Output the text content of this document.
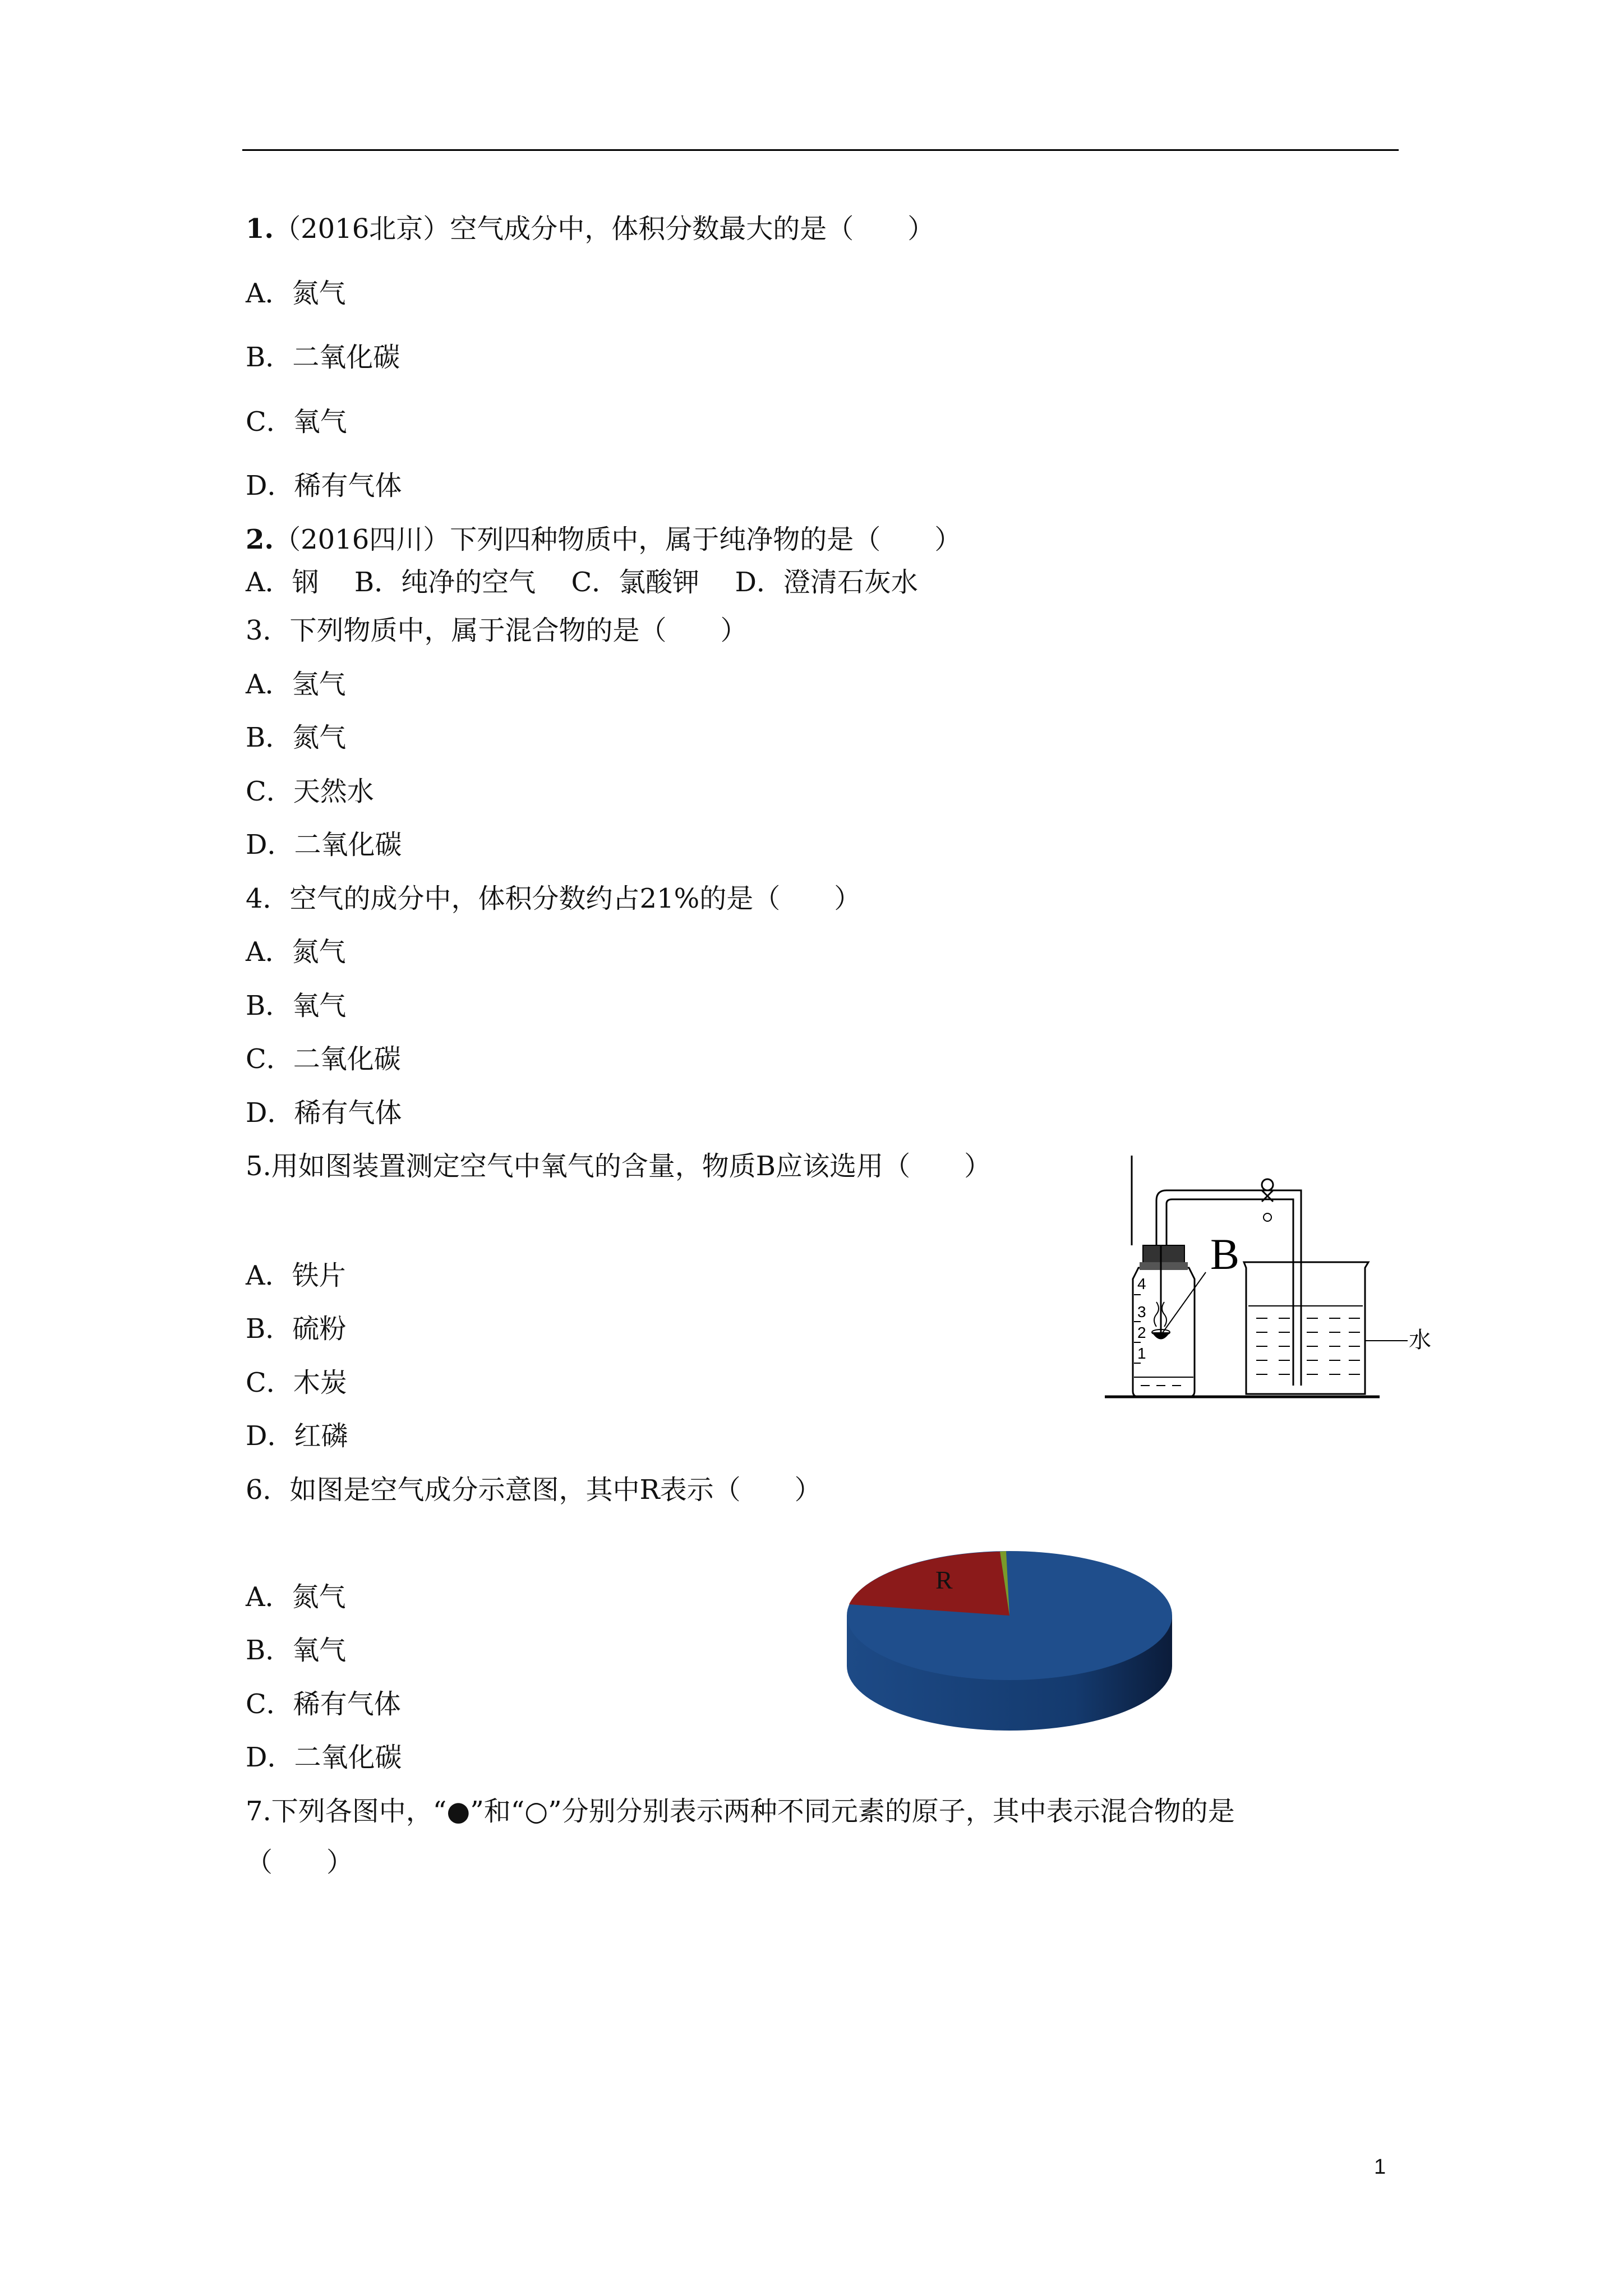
1.（2016北京）空气成分中，体积分数最大的是（　　）
A．氮气
B．二氧化碳
C．氧气
D．稀有气体
2.（2016四川）下列四种物质中，属于纯净物的是（　　）
A．钢　 B．纯净的空气　 C．氯酸钾　 D．澄清石灰水
3．下列物质中，属于混合物的是（　　）
A．氢气
B．氮气
C．天然水
D．二氧化碳
4．空气的成分中，体积分数约占21%的是（　　）
A．氮气
B．氧气
C．二氧化碳
D．稀有气体
5.用如图装置测定空气中氧气的含量，物质B应该选用（　　）
A．铁片
B．硫粉
C．木炭
D．红磷
4
3
2
1
B
水
6．如图是空气成分示意图，其中R表示（　　）
A．氮气
B．氧气
C．稀有气体
D．二氧化碳
R
7.下列各图中，“●”和“○”分别分别表示两种不同元素的原子，其中表示混合物的是
（　　）
1
